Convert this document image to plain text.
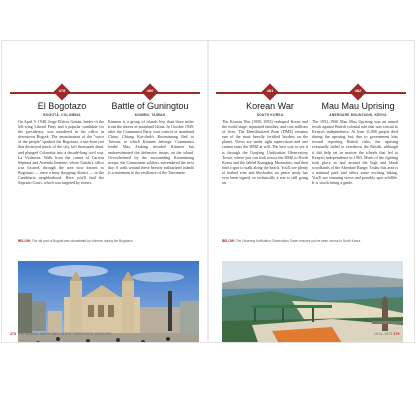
478	480
El Bogotazo	Battle of Guningtou
BOGOTÁ, COLOMBIA	KINMEN, TAIWAN

On April 9, 1948, Jorge Eliécer Gaitán, leader of the left-wing Liberal Party and a popular candidate for the presidency, was murdered in his office in downtown Bogotá. The assassination of the "voice of the people" sparked the Bogotazo, a ten-hour riot that destroyed much of the city, left thousands dead, and plunged Colombia into a decade-long civil war, La Violencia. Walk from the corner of Carrera Séptima and Avenida Jiménez, where Gaitán's office was located, through the area now known as Bogotazo — once a busy shopping district — to the Candelaria neighborhood. Here you'll find the Soprano Court, which was targeted by rioters.

Kinmen is a group of islands less than three miles from the shores of mainland China. In October 1949, after the Communist Party won control of mainland China, Chiang Kai-shek's Kuomintang fled to Taiwan, to which Kinmen belongs. Communist leader Mao Zedong invaded Kinmen but underestimated the defensive troops on the island. Overwhelmed by the surrounding Kuomintang troops, the Communist soldiers surrendered the next day. A walk around these heavily militarized islands is a testament to the resilience of the Taiwanese.

BELOW: The old part of Bogotá was devastated by violence during the Bogotazo.

378 THE WORLD WARS AND LATER TWENTIETH CENTURY
481	482
Korean War	Mau Mau Uprising
SOUTH KOREA	ABERDARE MOUNTAINS, KENYA

The Korean War (1950–1953) reshaped Korea and the world stage, separated families, and cost millions of lives. The Demilitarized Zone (DMZ) remains one of the most heavily fortified borders on the planet. Views are under tight supervision and one cannot enter the DMZ at will. The best way to see it is through the Gonjong Unification Observatory Tower, where you can look across the DMZ to North Korea and the fabled Kumgang Mountains, and then find a spot to walk along the beach. You'll see plenty of barbed wire and blockades; no peace treaty has ever been signed, so technically a war is still going on.

The 1952–1960 Mau Mau Uprising was an armed revolt against British colonial rule that was crucial to Kenya's independence. At least 11,000 people died during the uprising but, due to government bias toward reporting British risks, the uprising eventually failed to overthrow the British, although it did help set in motion the wheels that led to Kenya's independence in 1963. Much of the fighting took place in and around the high and bleak woodlands of the Aberdare Range. Today this area is a national park and offers some exciting hiking. You'll see stunning views and possibly spot wildlife. It is worth hiring a guide.

BELOW: The Goseong Unification Observation Tower ensures you've seen across to North Korea.

1914–1970 379
